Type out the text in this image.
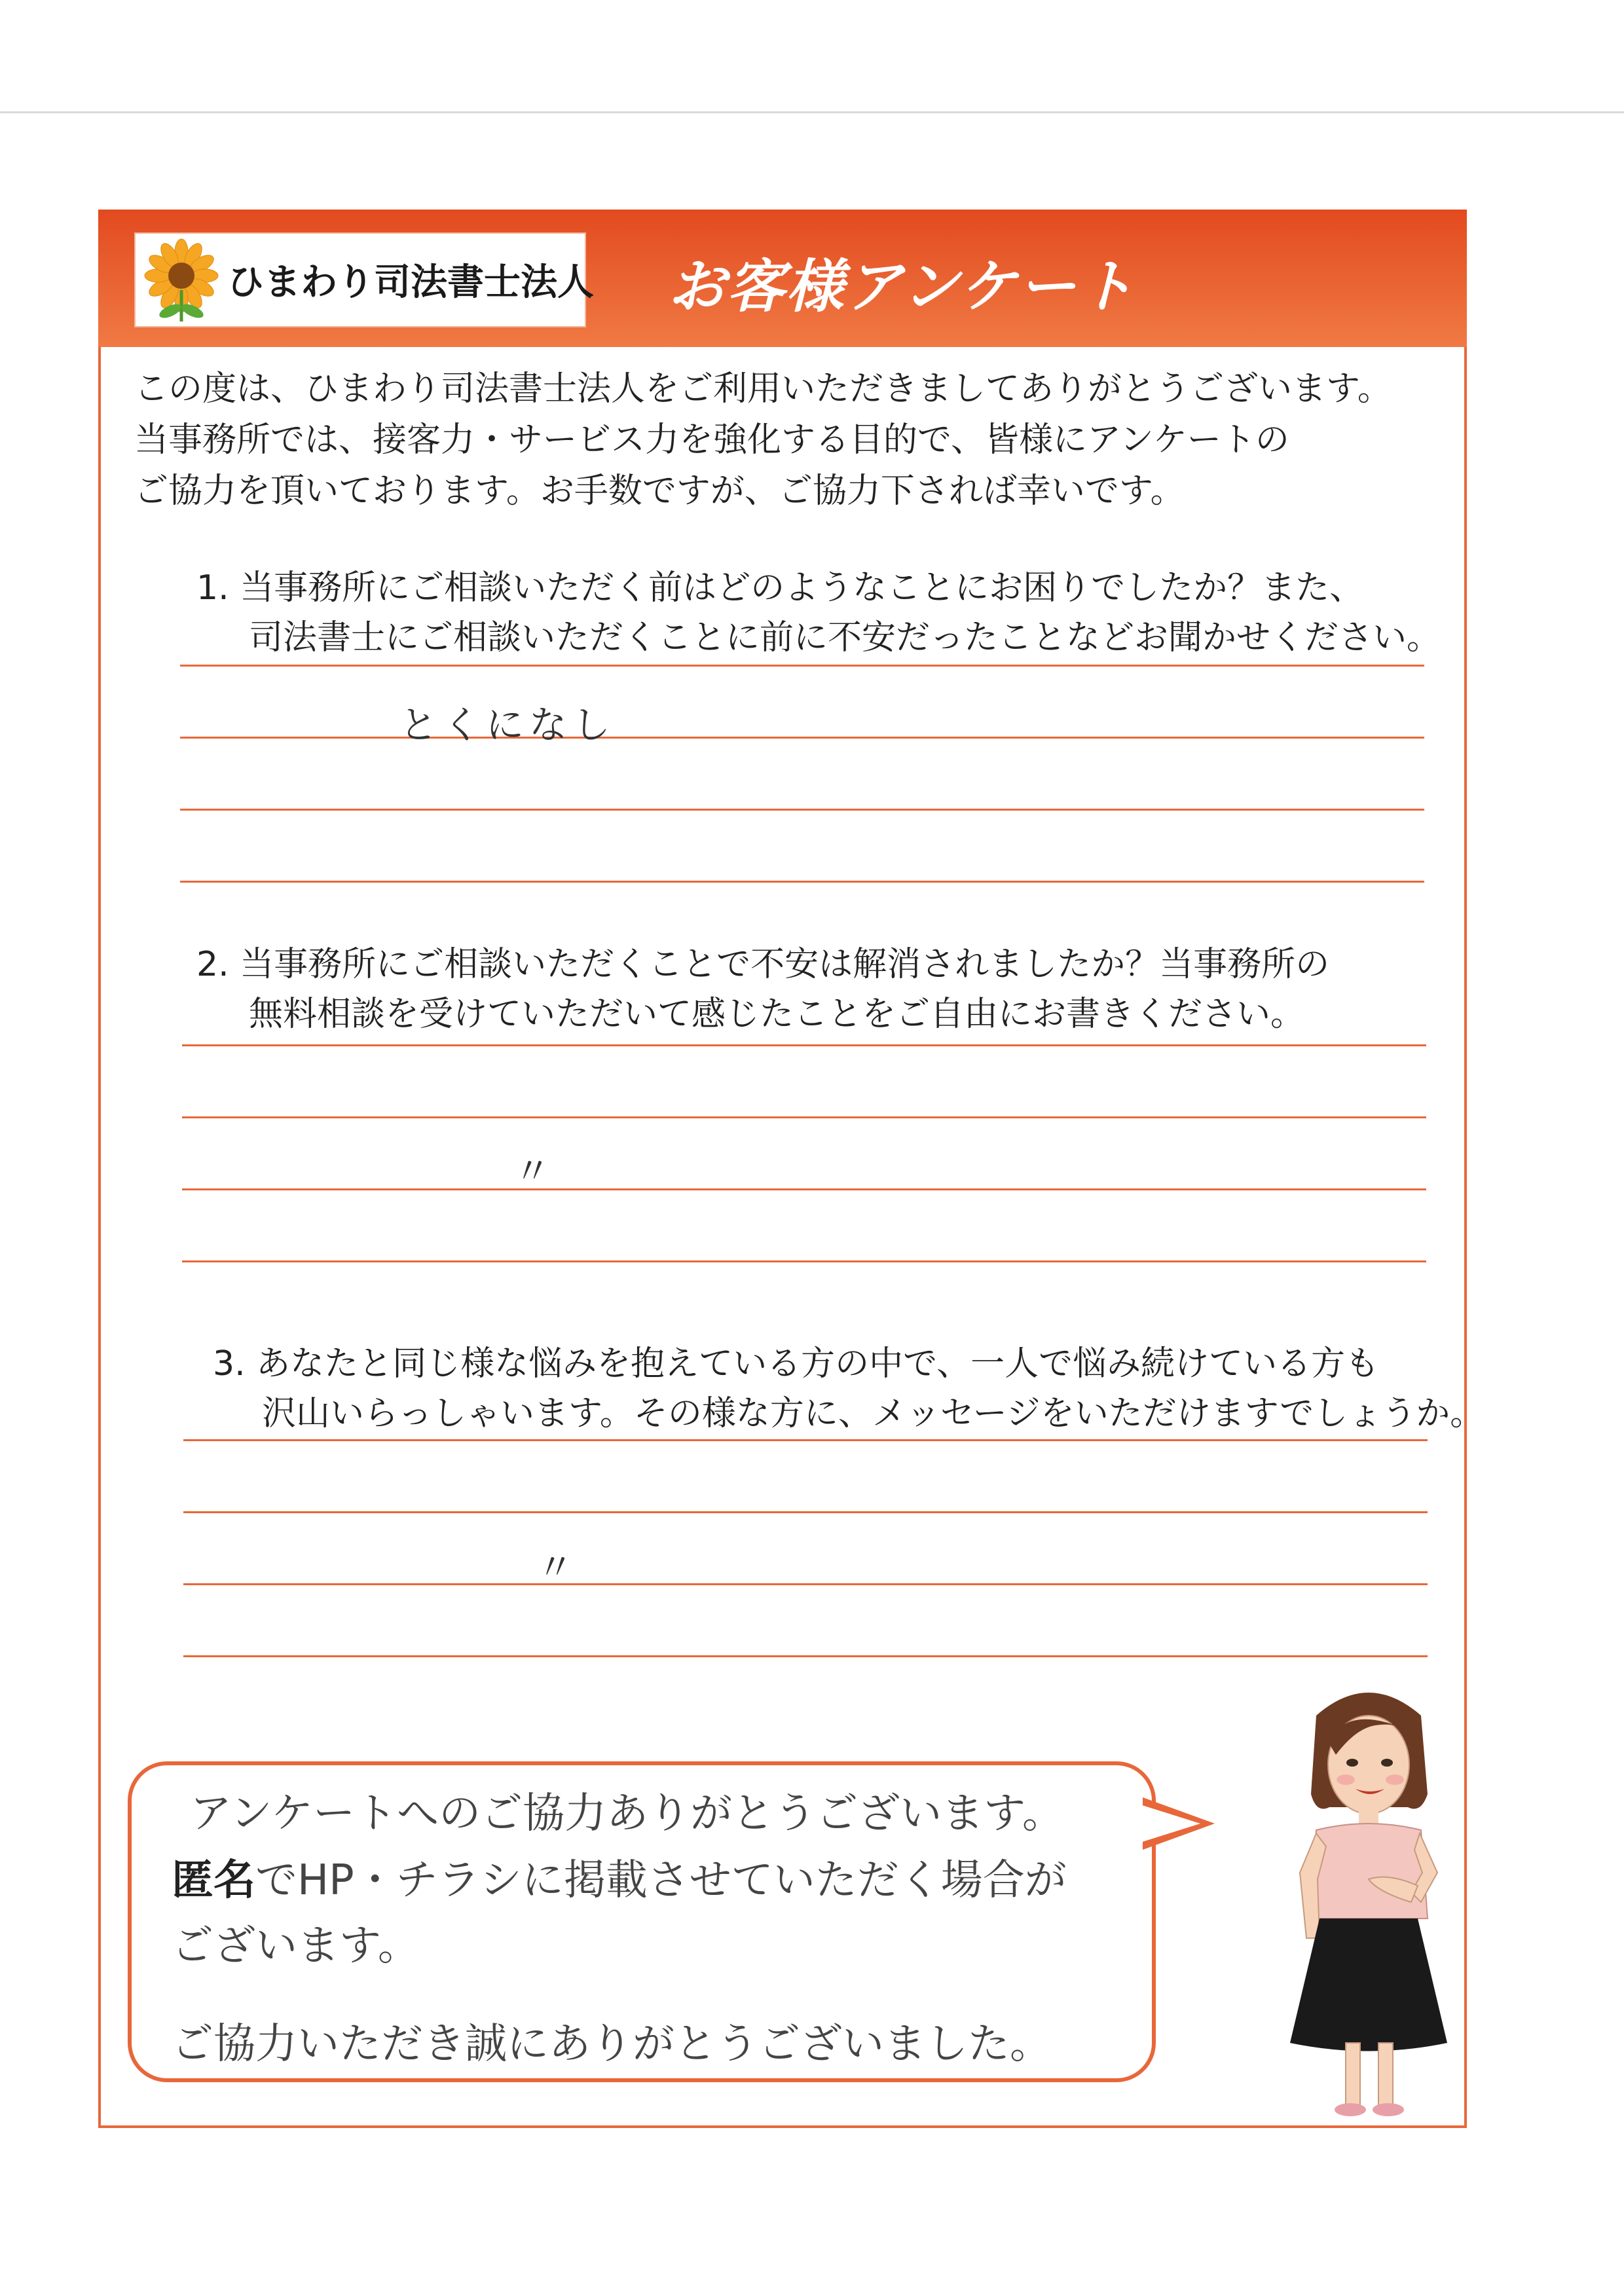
ひまわり司法書士法人 お客様アンケート
この度は、ひまわり司法書士法人をご利用いただきましてありがとうございます。
当事務所では、接客力・サービス力を強化する目的で、皆様にアンケートの
ご協力を頂いております。お手数ですが、ご協力下されば幸いです。
1. 当事務所にご相談いただく前はどのようなことにお困りでしたか？また、
司法書士にご相談いただくことに前に不安だったことなどお聞かせください。
とくになし
2. 当事務所にご相談いただくことで不安は解消されましたか？当事務所の
無料相談を受けていただいて感じたことをご自由にお書きください。
〃
3. あなたと同じ様な悩みを抱えている方の中で、一人で悩み続けている方も
沢山いらっしゃいます。その様な方に、メッセージをいただけますでしょうか。
〃
アンケートへのご協力ありがとうございます。
匿名でHP・チラシに掲載させていただく場合が
ございます。
ご協力いただき誠にありがとうございました。
